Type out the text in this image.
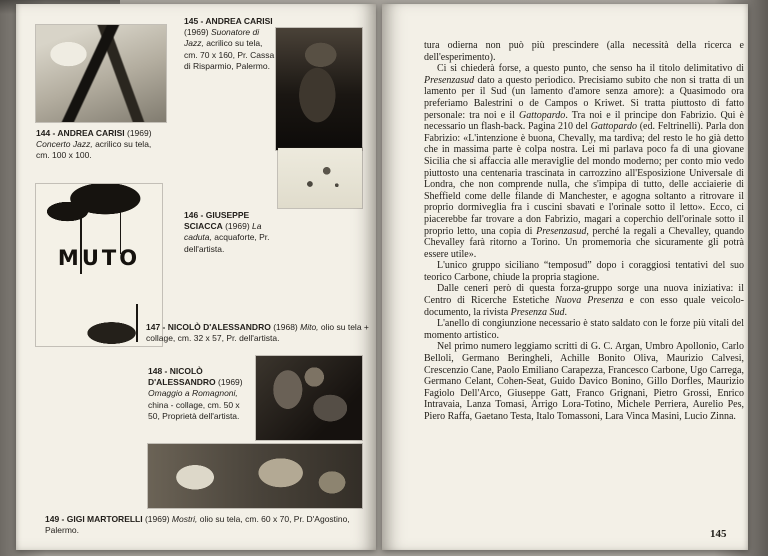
145 - ANDREA CARISI (1969) Suonatore di Jazz, acrilico su tela, cm. 70 x 160, Pr. Cassa di Risparmio, Palermo.
144 - ANDREA CARISI (1969) Concerto Jazz, acrilico su tela, cm. 100 x 100.
MUTO
146 - GIUSEPPE SCIACCA (1969) La caduta, acquaforte, Pr. dell'artista.
147 - NICOLÒ D'ALESSANDRO (1968) Mito, olio su tela + collage, cm. 32 x 57, Pr. dell'artista.
148 - NICOLÒ D'ALESSANDRO (1969) Omaggio a Romagnoni, china - collage, cm. 50 x 50, Proprietà dell'artista.
149 - GIGI MARTORELLI (1969) Mostri, olio su tela, cm. 60 x 70, Pr. D'Agostino, Palermo.

tura odierna non può più prescindere (alla necessità della ricerca e dell'esperimento).

Ci si chiederà forse, a questo punto, che senso ha il titolo delimitativo di Presenzasud dato a questo periodico. Precisiamo subito che non si tratta di un lamento per il Sud (un lamento d'amore senza amore): a Quasimodo ora preferiamo Balestrini o de Campos o Kriwet. Si tratta piuttosto di fatto personale: tra noi e il Gattopardo. Tra noi e il principe don Fabrizio. Qui è necessario un flash-back. Pagina 210 del Gattopardo (ed. Feltrinelli). Parla don Fabrizio: «L'intenzione è buona, Chevally, ma tardiva; del resto le ho già detto che in massima parte è colpa nostra. Lei mi parlava poco fa di una giovane Sicilia che si affaccia alle meraviglie del mondo moderno; per conto mio vedo piuttosto una centenaria trascinata in carrozzino all'Esposizione Universale di Londra, che non comprende nulla, che s'impipa di tutto, delle acciaierie di Sheffield come delle filande di Manchester, e agogna soltanto a ritrovare il proprio dormiveglia fra i cuscini sbavati e l'orinale sotto il letto». Ecco, ci piacerebbe far trovare a don Fabrizio, magari a coperchio dell'orinale sotto il proprio letto, una copia di Presenzasud, perché la regali a Chevalley, quando Chevalley farà ritorno a Torino. Un promemoria che sicuramente gli potrà essere utile».

L'unico gruppo siciliano “temposud” dopo i coraggiosi tentativi del suo teorico Carbone, chiude la propria stagione.

Dalle ceneri però di questa forza-gruppo sorge una nuova iniziativa: il Centro di Ricerche Estetiche Nuova Presenza e con esso quale veicolo-documento, la rivista Presenza Sud.

L'anello di congiunzione necessario è stato saldato con le forze più vitali del momento artistico.

Nel primo numero leggiamo scritti di G. C. Argan, Umbro Apollonio, Carlo Belloli, Germano Beringheli, Achille Bonito Oliva, Maurizio Calvesi, Crescenzio Cane, Paolo Emiliano Carapezza, Francesco Carbone, Ugo Carrega, Germano Celant, Cohen-Seat, Guido Davico Bonino, Gillo Dorfles, Maurizio Fagiolo Dell'Arco, Giuseppe Gatt, Franco Grignani, Pietro Grossi, Enrico Intravaia, Lanza Tomasi, Arrigo Lora-Totino, Michele Perriera, Aurelio Pes, Piero Raffa, Gaetano Testa, Italo Tomassoni, Lara Vinca Masini, Lucio Zinna.

145
